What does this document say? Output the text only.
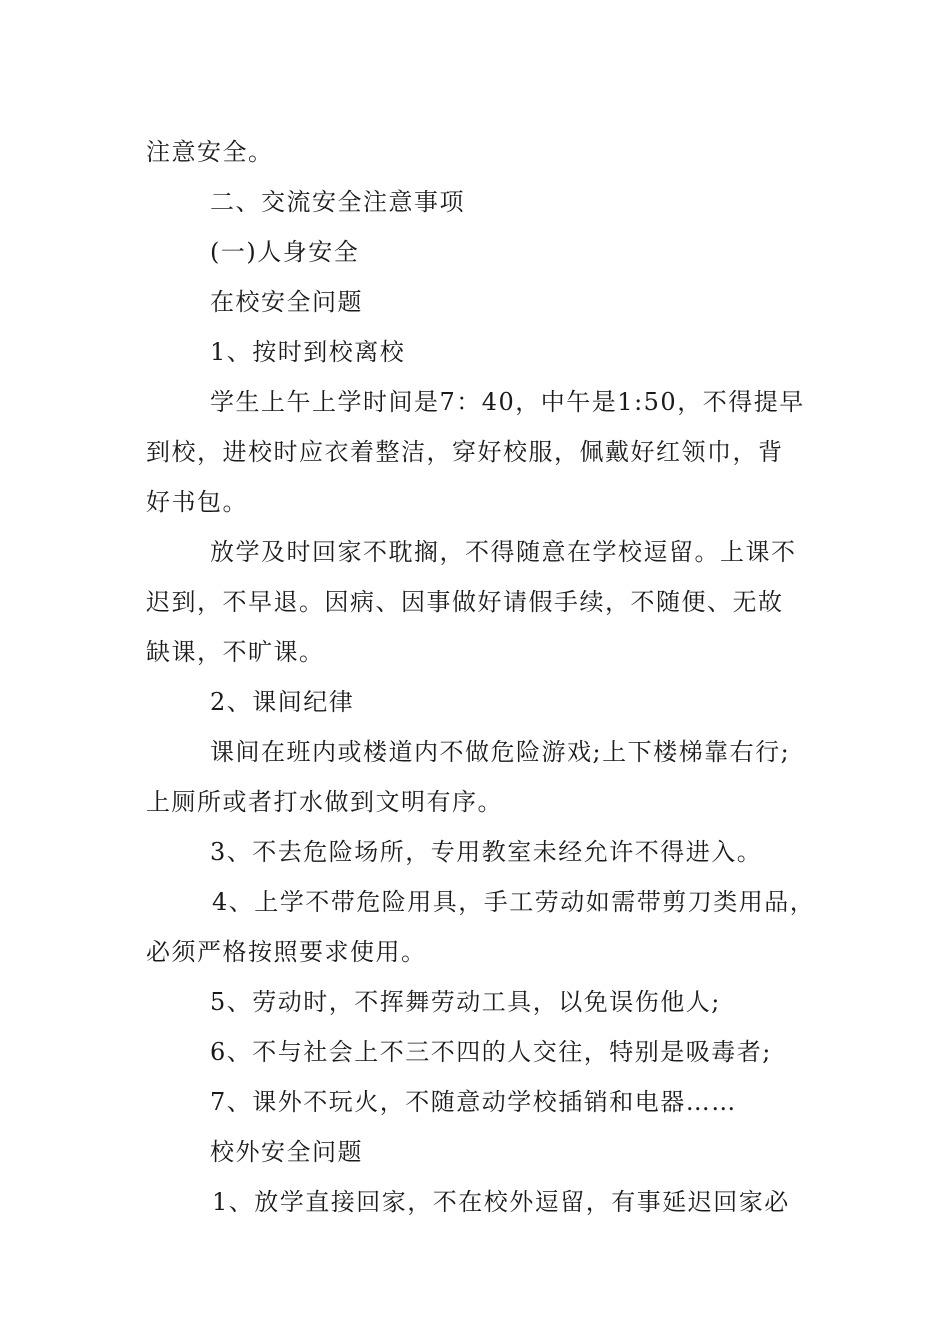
注意安全。
二、交流安全注意事项
(一)人身安全
在校安全问题
1、按时到校离校
学生上午上学时间是7：40，中午是1:50，不得提早
到校，进校时应衣着整洁，穿好校服，佩戴好红领巾，背
好书包。
放学及时回家不耽搁，不得随意在学校逗留。上课不
迟到，不早退。因病、因事做好请假手续，不随便、无故
缺课，不旷课。
2、课间纪律
课间在班内或楼道内不做危险游戏;上下楼梯靠右行;
上厕所或者打水做到文明有序。
3、不去危险场所，专用教室未经允许不得进入。
4、上学不带危险用具，手工劳动如需带剪刀类用品，
必须严格按照要求使用。
5、劳动时，不挥舞劳动工具，以免误伤他人;
6、不与社会上不三不四的人交往，特别是吸毒者;
7、课外不玩火，不随意动学校插销和电器……
校外安全问题
1、放学直接回家，不在校外逗留，有事延迟回家必
